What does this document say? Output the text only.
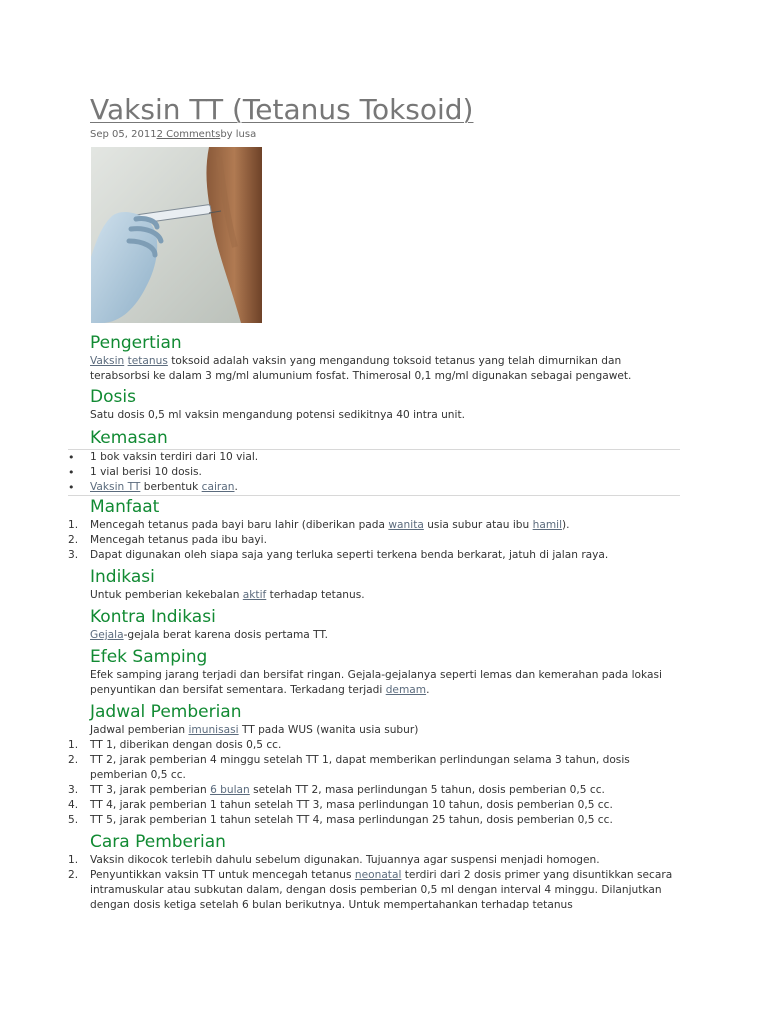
Vaksin TT (Tetanus Toksoid)
Sep 05, 20112 Commentsby lusa
Pengertian

Vaksin tetanus toksoid adalah vaksin yang mengandung toksoid tetanus yang telah dimurnikan dan terabsorbsi ke dalam 3 mg/ml alumunium fosfat. Thimerosal 0,1 mg/ml digunakan sebagai pengawet.

Dosis

Satu dosis 0,5 ml vaksin mengandung potensi sedikitnya 40 intra unit.

Kemasan
•	1 bok vaksin terdiri dari 10 vial.
•	1 vial berisi 10 dosis.
•	Vaksin TT berbentuk cairan.
Manfaat
1.	Mencegah tetanus pada bayi baru lahir (diberikan pada wanita usia subur atau ibu hamil).
2.	Mencegah tetanus pada ibu bayi.
3.	Dapat digunakan oleh siapa saja yang terluka seperti terkena benda berkarat, jatuh di jalan raya.
Indikasi

Untuk pemberian kekebalan aktif terhadap tetanus.

Kontra Indikasi

Gejala-gejala berat karena dosis pertama TT.

Efek Samping

Efek samping jarang terjadi dan bersifat ringan. Gejala-gejalanya seperti lemas dan kemerahan pada lokasi penyuntikan dan bersifat sementara. Terkadang terjadi demam.

Jadwal Pemberian

Jadwal pemberian imunisasi TT pada WUS (wanita usia subur)

1.	TT 1, diberikan dengan dosis 0,5 cc.
2.	TT 2, jarak pemberian 4 minggu setelah TT 1, dapat memberikan perlindungan selama 3 tahun, dosis pemberian 0,5 cc.
3.	TT 3, jarak pemberian 6 bulan setelah TT 2, masa perlindungan 5 tahun, dosis pemberian 0,5 cc.
4.	TT 4, jarak pemberian 1 tahun setelah TT 3, masa perlindungan 10 tahun, dosis pemberian 0,5 cc.
5.	TT 5, jarak pemberian 1 tahun setelah TT 4, masa perlindungan 25 tahun, dosis pemberian 0,5 cc.
Cara Pemberian
1.	Vaksin dikocok terlebih dahulu sebelum digunakan. Tujuannya agar suspensi menjadi homogen.
2.	Penyuntikkan vaksin TT untuk mencegah tetanus neonatal terdiri dari 2 dosis primer yang disuntikkan secara intramuskular atau subkutan dalam, dengan dosis pemberian 0,5 ml dengan interval 4 minggu. Dilanjutkan dengan dosis ketiga setelah 6 bulan berikutnya. Untuk mempertahankan terhadap tetanus
